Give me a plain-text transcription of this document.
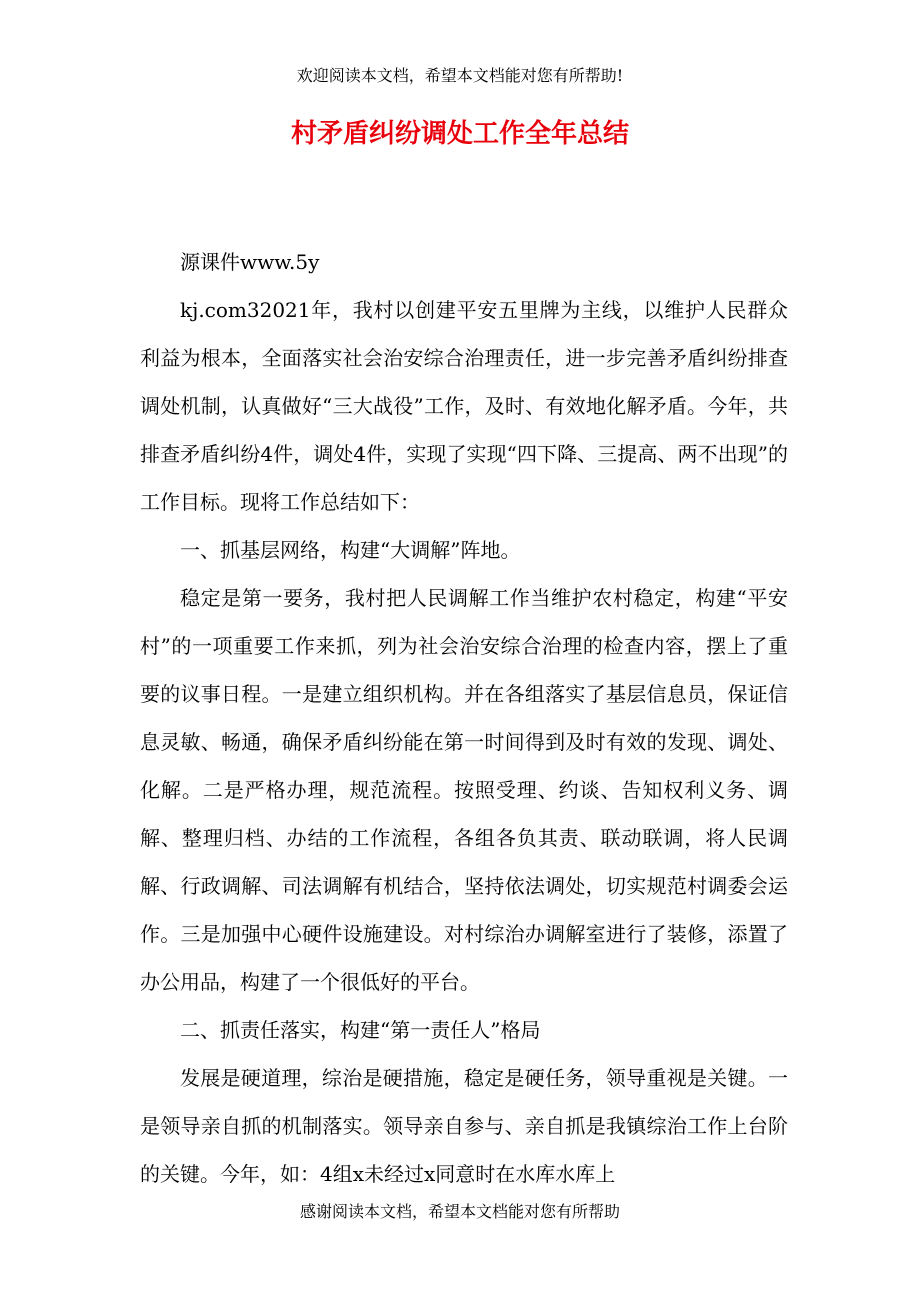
欢迎阅读本文档，希望本文档能对您有所帮助!
村矛盾纠纷调处工作全年总结

源课件www.5y

kj.com32021年，我村以创建平安五里牌为主线，以维护人民群众利益为根本，全面落实社会治安综合治理责任，进一步完善矛盾纠纷排查调处机制，认真做好“三大战役”工作，及时、有效地化解矛盾。今年，共排查矛盾纠纷4件，调处4件，实现了实现“四下降、三提高、两不出现”的工作目标。现将工作总结如下：

一、抓基层网络，构建“大调解”阵地。

稳定是第一要务，我村把人民调解工作当维护农村稳定，构建“平安村”的一项重要工作来抓，列为社会治安综合治理的检查内容，摆上了重要的议事日程。一是建立组织机构。并在各组落实了基层信息员，保证信息灵敏、畅通，确保矛盾纠纷能在第一时间得到及时有效的发现、调处、化解。二是严格办理，规范流程。按照受理、约谈、告知权利义务、调解、整理归档、办结的工作流程，各组各负其责、联动联调，将人民调解、行政调解、司法调解有机结合，坚持依法调处，切实规范村调委会运作。三是加强中心硬件设施建设。对村综治办调解室进行了装修，添置了办公用品，构建了一个很低好的平台。

二、抓责任落实，构建“第一责任人”格局

发展是硬道理，综治是硬措施，稳定是硬任务，领导重视是关键。一是领导亲自抓的机制落实。领导亲自参与、亲自抓是我镇综治工作上台阶的关键。今年，如：4组x未经过x同意时在水库水库上

感谢阅读本文档，希望本文档能对您有所帮助
